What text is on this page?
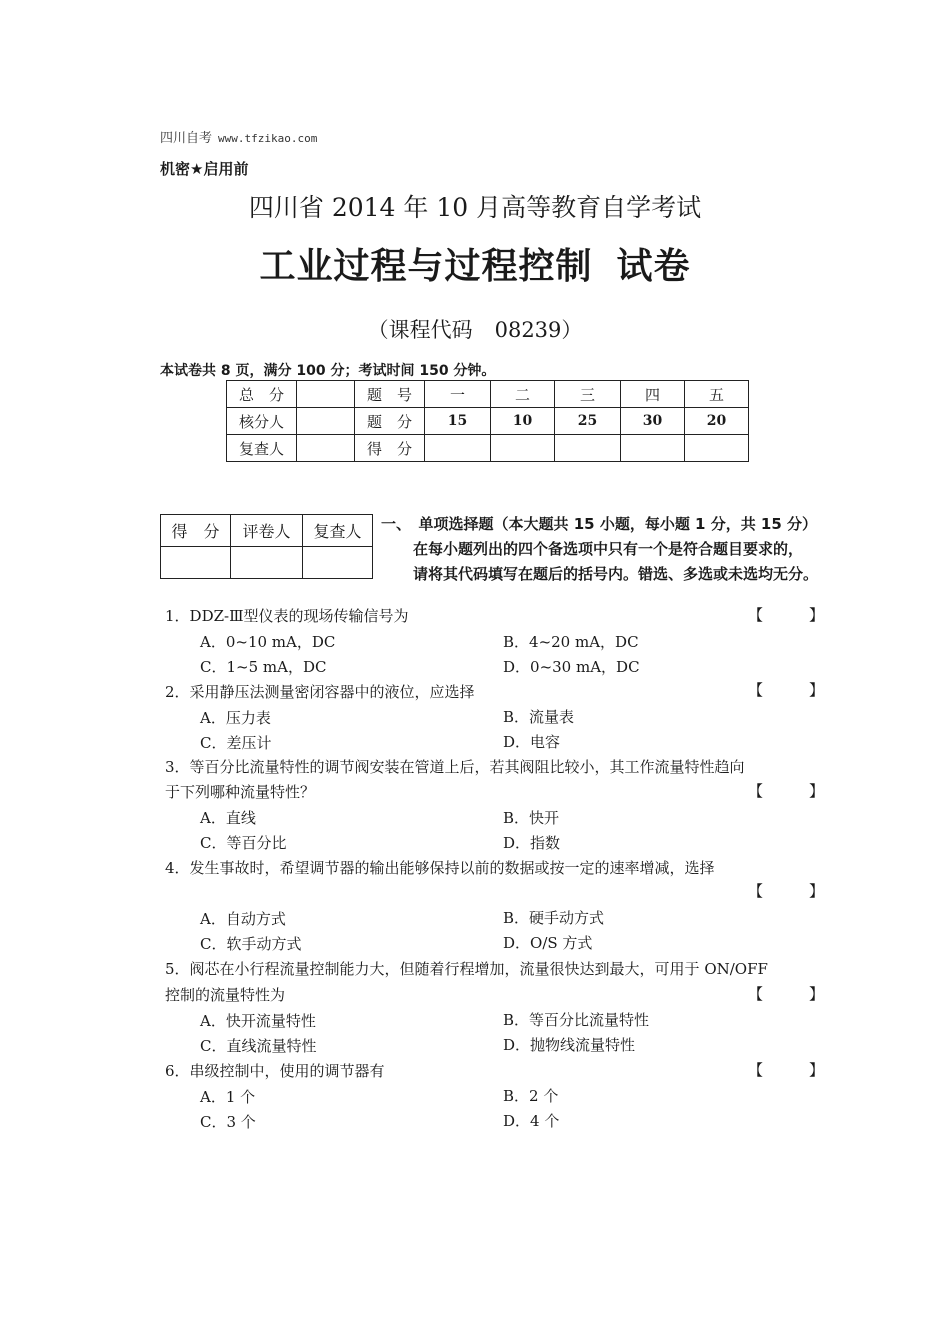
四川自考 www.tfzikao.com
机密★启用前
四川省 2014 年 10 月高等教育自学考试
工业过程与过程控制 试卷
（课程代码 08239）
本试卷共 8 页，满分 100 分；考试时间 150 分钟。
总　分		题　号	一	二	三	四	五
核分人		题　分	15	10	25	30	20
复查人		得　分					
得　分	评卷人	复查人
		一、　单项选择题（本大题共 15 小题，每小题 1 分，共 15 分）
在每小题列出的四个备选项中只有一个是符合题目要求的，
请将其代码填写在题后的括号内。错选、多选或未选均无分。
1．DDZ-Ⅲ型仪表的现场传输信号为	【	】
A．0~10 mA，DC	B．4~20 mA，DC
C．1~5 mA，DC	D．0~30 mA，DC
2．采用静压法测量密闭容器中的液位，应选择	【	】
A．压力表	B．流量表
C．差压计	D．电容
3．等百分比流量特性的调节阀安装在管道上后，若其阀阻比较小，其工作流量特性趋向
于下列哪种流量特性？	【	】
A．直线	B．快开
C．等百分比	D．指数
4．发生事故时，希望调节器的输出能够保持以前的数据或按一定的速率增减，选择
【	】
A．自动方式	B．硬手动方式
C．软手动方式	D．O/S 方式
5．阀芯在小行程流量控制能力大，但随着行程增加，流量很快达到最大，可用于 ON/OFF
控制的流量特性为	【	】
A．快开流量特性	B．等百分比流量特性
C．直线流量特性	D．抛物线流量特性
6．串级控制中，使用的调节器有	【	】
A．1 个	B．2 个
C．3 个	D．4 个
